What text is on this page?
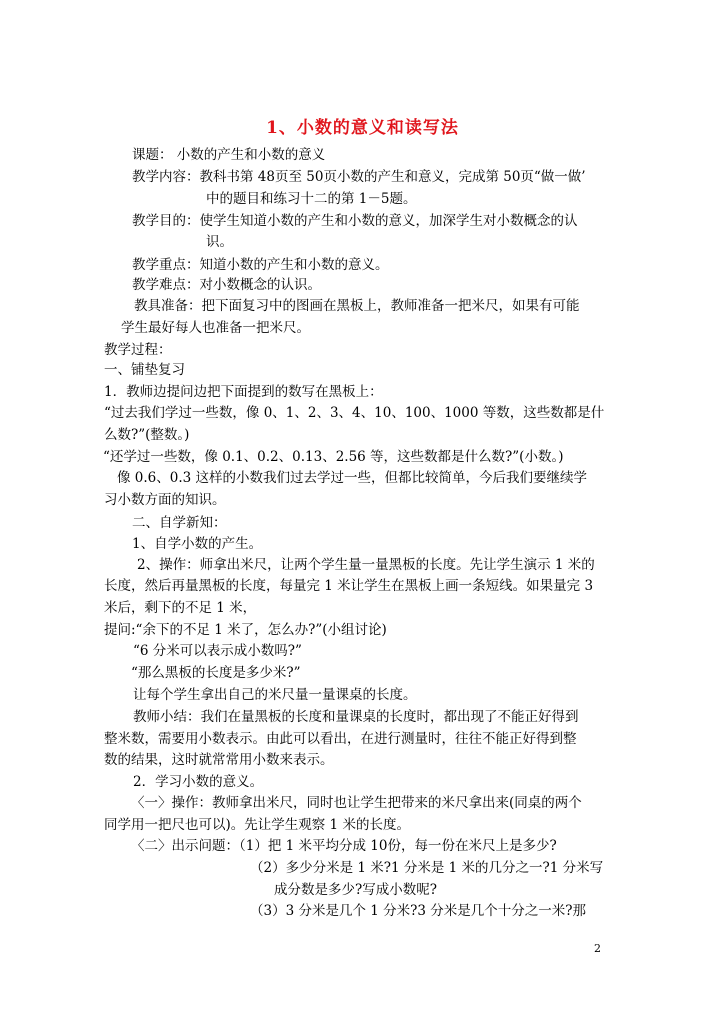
1、小数的意义和读写法
课题： 小数的产生和小数的意义
教学内容：教科书第 48页至 50页小数的产生和意义，完成第 50页“做一做’
中的题目和练习十二的第 1－5题。
教学目的：使学生知道小数的产生和小数的意义，加深学生对小数概念的认
识。
教学重点：知道小数的产生和小数的意义。
教学难点：对小数概念的认识。
教具准备：把下面复习中的图画在黑板上，教师准备一把米尺，如果有可能
学生最好每人也准备一把米尺。
教学过程：
一、铺垫复习
1．教师边提问边把下面提到的数写在黑板上：
“过去我们学过一些数，像 0、1、2、3、4、10、100、1000 等数，这些数都是什
么数?”(整数。)
“还学过一些数，像 0.1、0.2、0.13、2.56 等，这些数都是什么数?”(小数。)
像 0.6、0.3 这样的小数我们过去学过一些，但都比较简单，今后我们要继续学
习小数方面的知识。
二、自学新知：
1、自学小数的产生。
2、操作：师拿出米尺，让两个学生量一量黑板的长度。先让学生演示 1 米的
长度，然后再量黑板的长度，每量完 1 米让学生在黑板上画一条短线。如果量完 3
米后，剩下的不足 1 米，
提问:“余下的不足 1 米了，怎么办?”(小组讨论)
“6 分米可以表示成小数吗?”
“那么黑板的长度是多少米?”
让每个学生拿出自己的米尺量一量课桌的长度。
教师小结：我们在量黑板的长度和量课桌的长度时，都出现了不能正好得到
整米数，需要用小数表示。由此可以看出，在进行测量时，往往不能正好得到整
数的结果，这时就常常用小数来表示。
2．学习小数的意义。
〈一〉操作：教师拿出米尺，同时也让学生把带来的米尺拿出来(同桌的两个
同学用一把尺也可以)。先让学生观察 1 米的长度。
〈二〉出示问题：（1）把 1 米平均分成 10份，每一份在米尺上是多少?
（2）多少分米是 1 米?1 分米是 1 米的几分之一?1 分米写
成分数是多少?写成小数呢?
（3）3 分米是几个 1 分米?3 分米是几个十分之一米?那
2
